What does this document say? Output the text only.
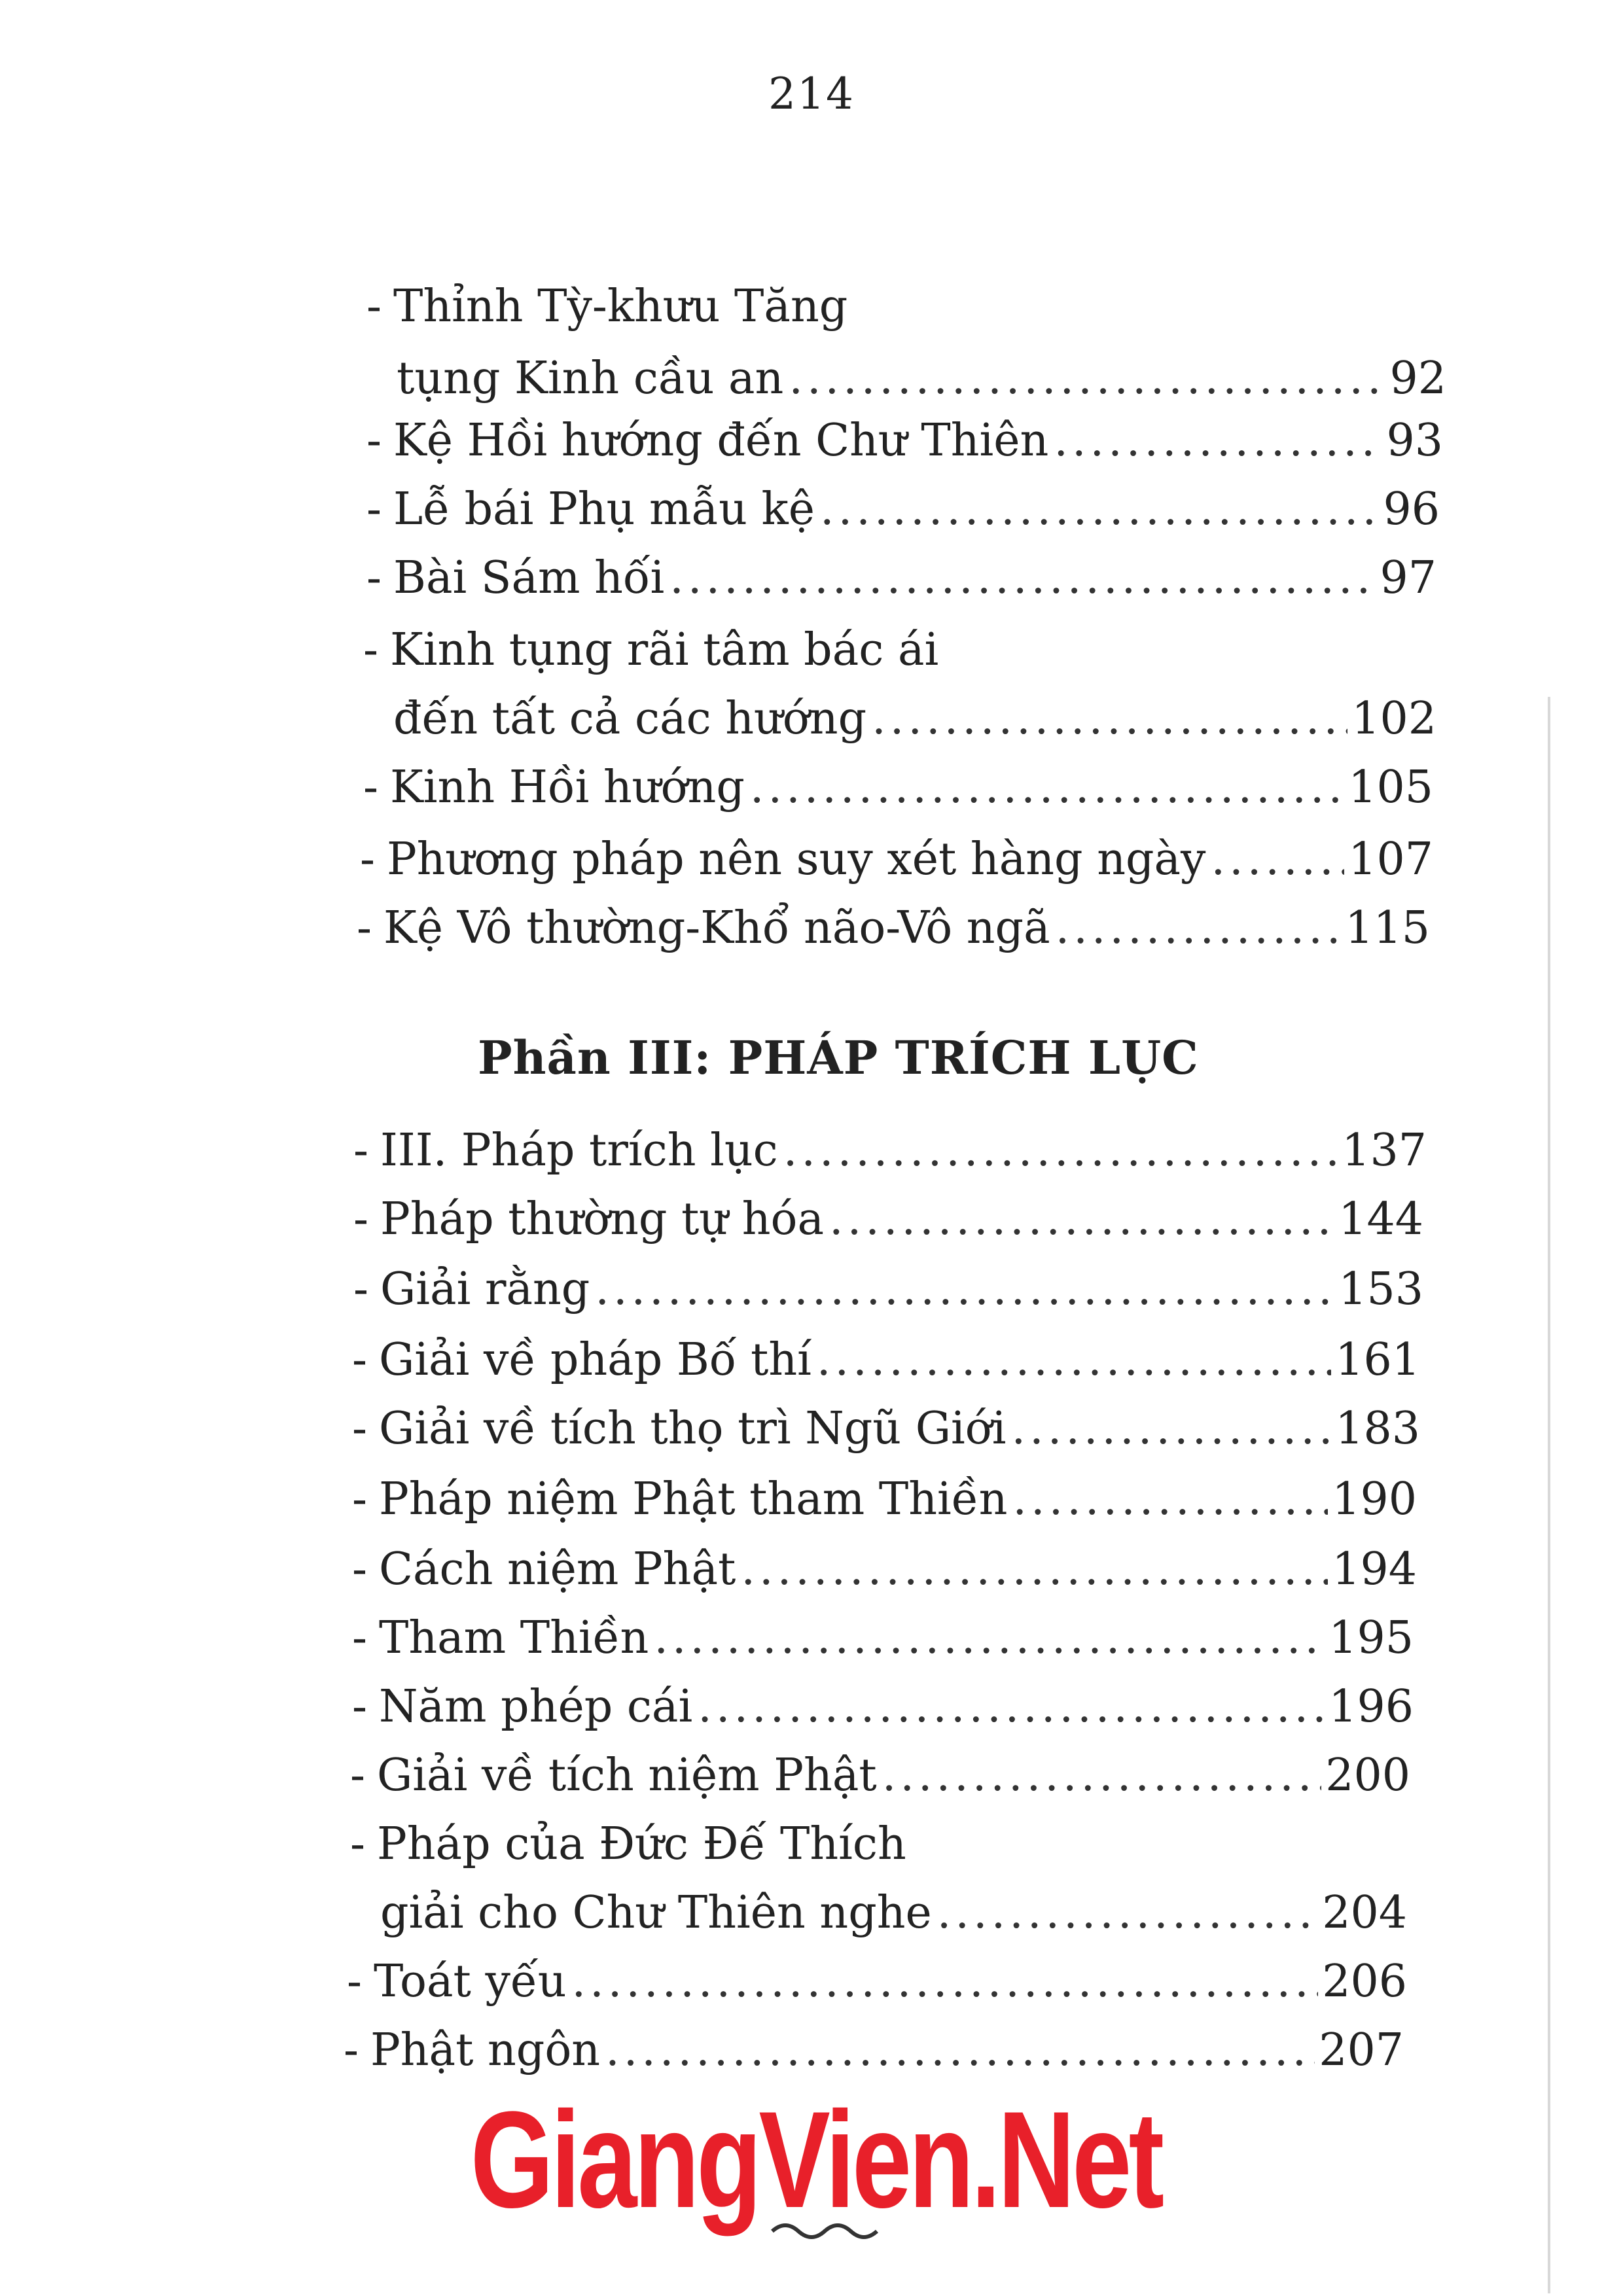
214
- Thỉnh Tỳ-khưu Tăng
tụng Kinh cầu an .....	92
- Kệ Hồi hướng đến Chư Thiên .....	93
- Lễ bái Phụ mẫu kệ .....	96
- Bài Sám hối .....	97
- Kinh tụng rãi tâm bác ái
đến tất cả các hướng .....	102
- Kinh Hồi hướng .....	105
- Phương pháp nên suy xét hàng ngày .....	107
- Kệ Vô thường-Khổ não-Vô ngã .....	115
Phần III: PHÁP TRÍCH LỤC
- III. Pháp trích lục .....	137
- Pháp thường tự hóa .....	144
- Giải rằng .....	153
- Giải về pháp Bố thí .....	161
- Giải về tích thọ trì Ngũ Giới .....	183
- Pháp niệm Phật tham Thiền .....	190
- Cách niệm Phật .....	194
- Tham Thiền .....	195
- Năm phép cái .....	196
- Giải về tích niệm Phật .....	200
- Pháp của Đức Đế Thích
giải cho Chư Thiên nghe .....	204
- Toát yếu .....	206
- Phật ngôn .....	207
GiangVien.Net
